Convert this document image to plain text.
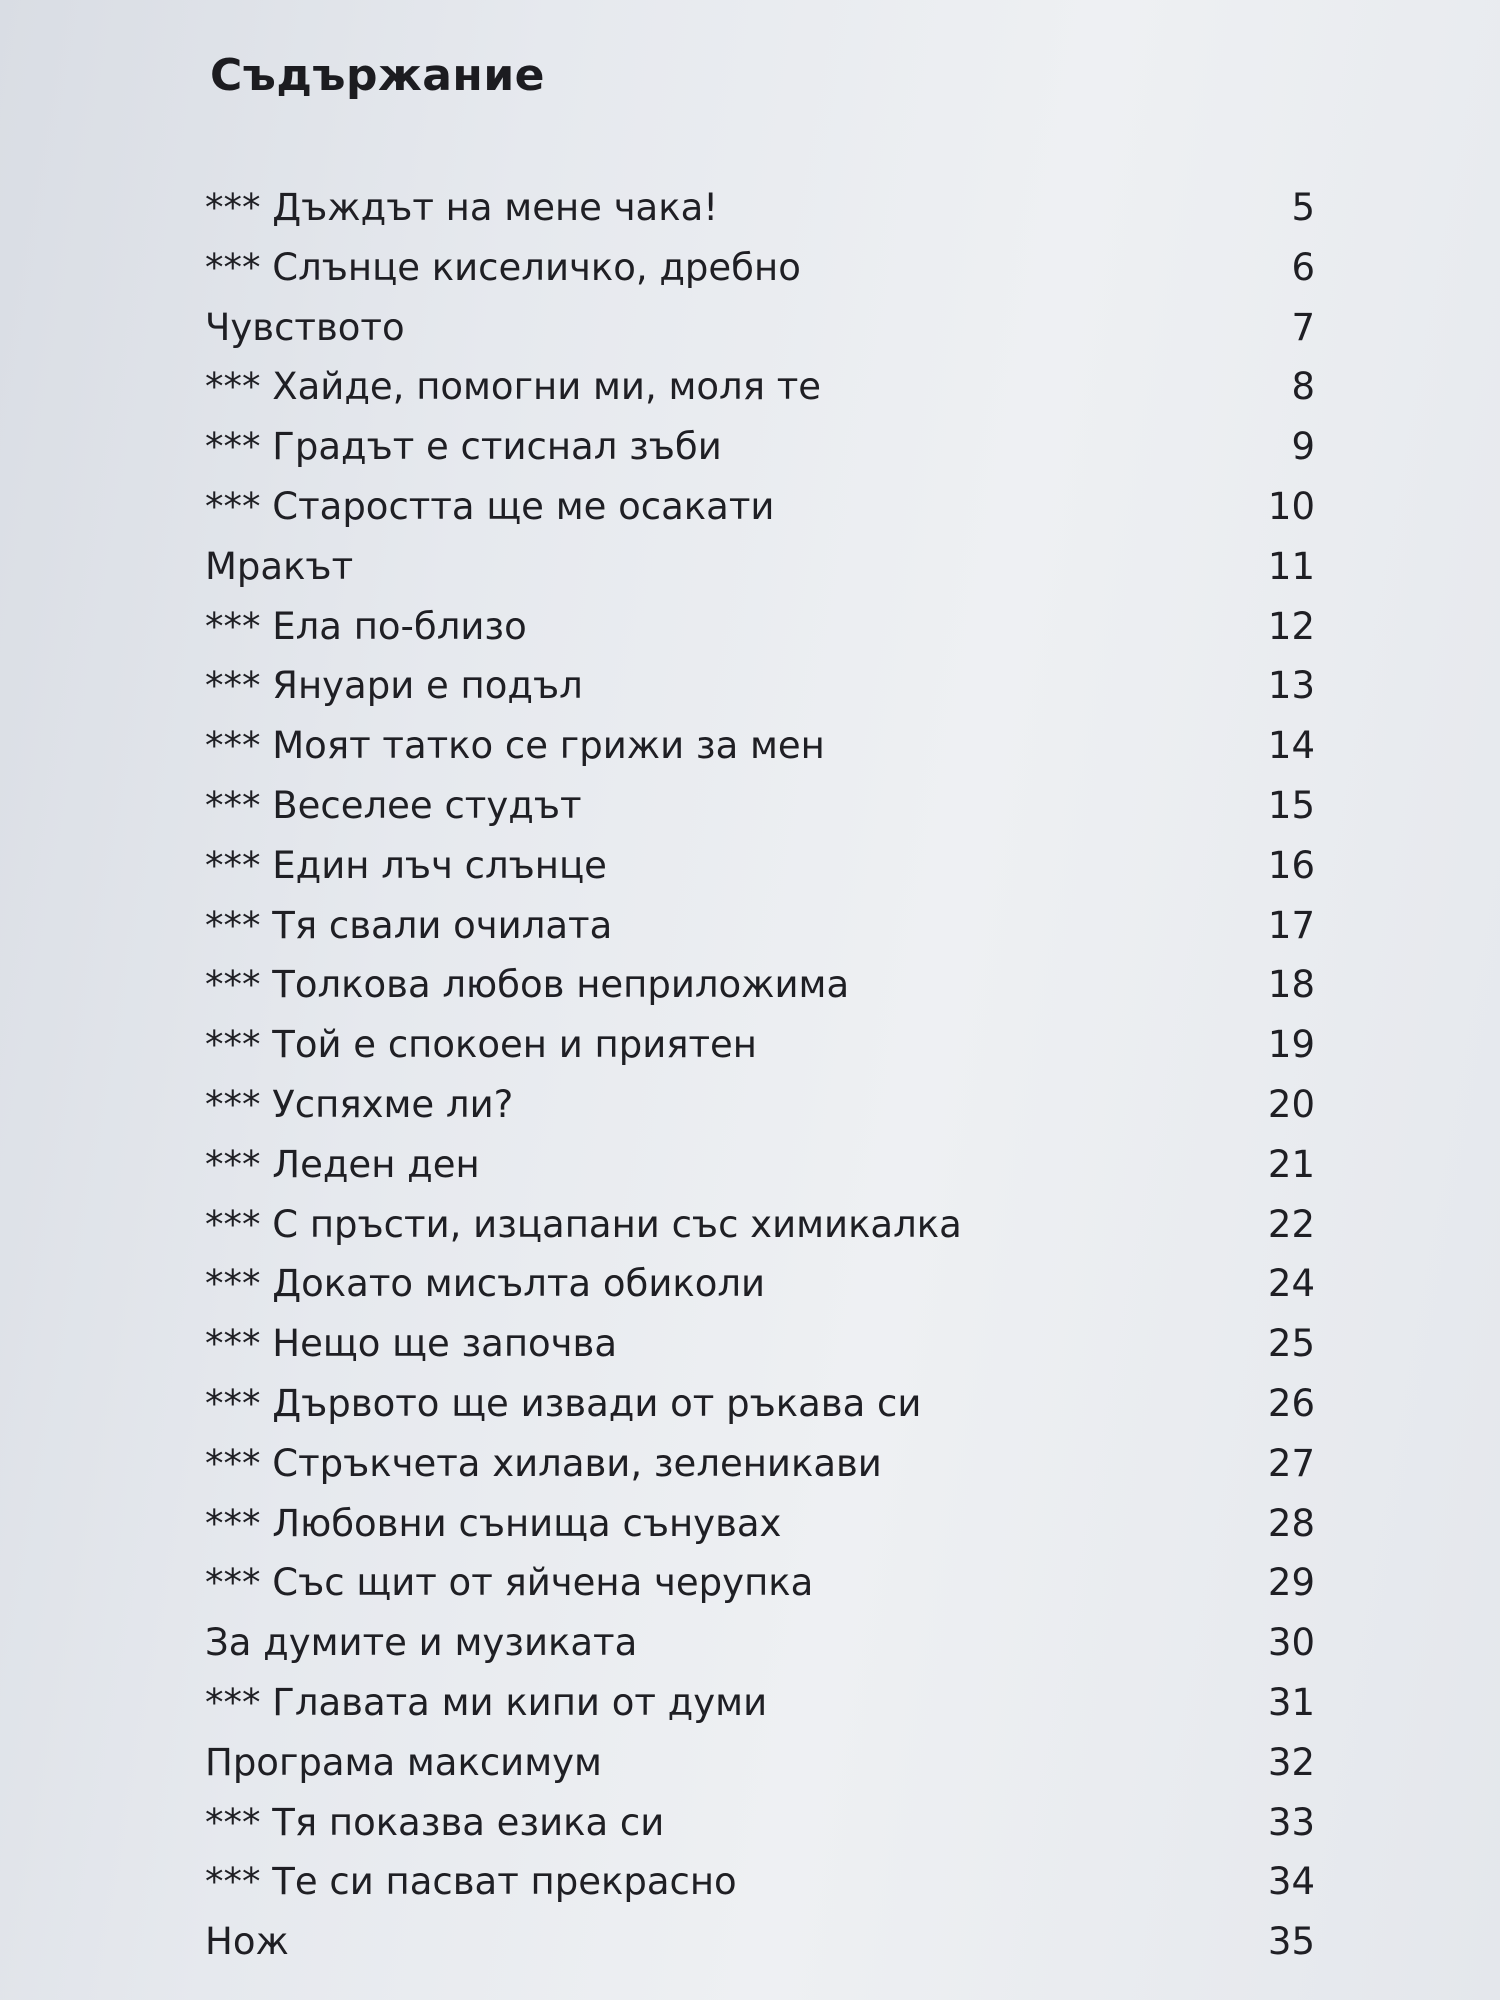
Съдържание
*** Дъждът на мене чака!	5
*** Слънце киселичко, дребно	6
Чувството	7
*** Хайде, помогни ми, моля те	8
*** Градът е стиснал зъби	9
*** Старостта ще ме осакати	10
Мракът	11
*** Ела по-близо	12
*** Януари е подъл	13
*** Моят татко се грижи за мен	14
*** Веселее студът	15
*** Един лъч слънце	16
*** Тя свали очилата	17
*** Толкова любов неприложима	18
*** Той е спокоен и приятен	19
*** Успяхме ли?	20
*** Леден ден	21
*** С пръсти, изцапани със химикалка	22
*** Докато мисълта обиколи	24
*** Нещо ще започва	25
*** Дървото ще извади от ръкава си	26
*** Стръкчета хилави, зеленикави	27
*** Любовни сънища сънувах	28
*** Със щит от яйчена черупка	29
За думите и музиката	30
*** Главата ми кипи от думи	31
Програма максимум	32
*** Тя показва езика си	33
*** Те си пасват прекрасно	34
Нож	35
